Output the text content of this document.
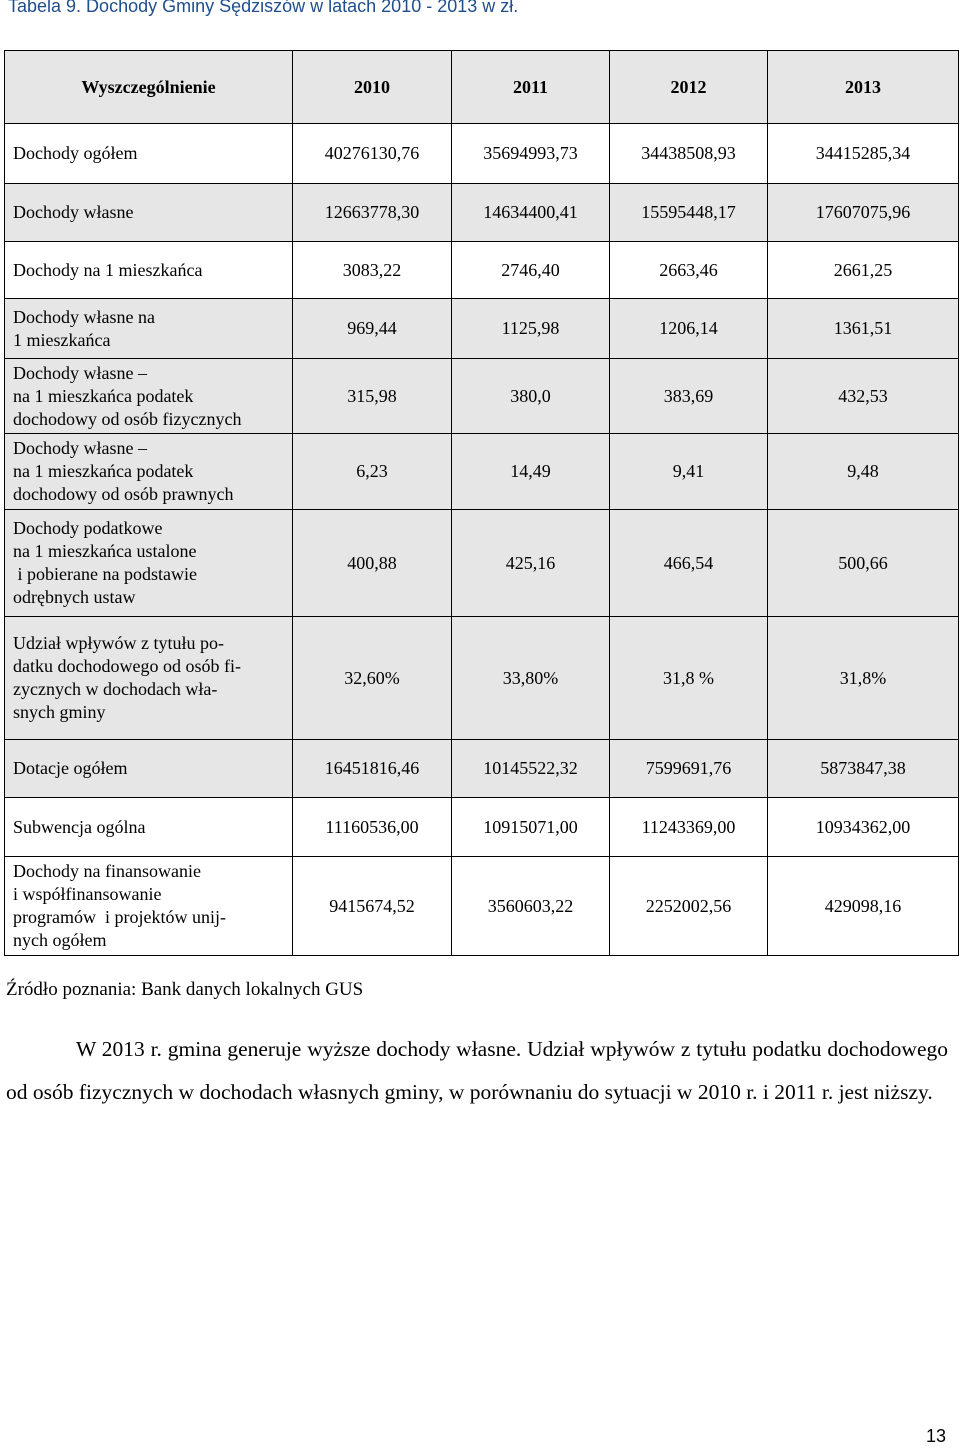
Tabela 9. Dochody Gminy Sędziszów w latach 2010 - 2013 w zł.
Wyszczególnienie	2010	2011	2012	2013
Dochody ogółem	40276130,76	35694993,73	34438508,93	34415285,34
Dochody własne	12663778,30	14634400,41	15595448,17	17607075,96
Dochody na 1 mieszkańca	3083,22	2746,40	2663,46	2661,25
Dochody własne na
1 mieszkańca	969,44	1125,98	1206,14	1361,51
Dochody własne –
na 1 mieszkańca podatek
dochodowy od osób fizycznych	315,98	380,0	383,69	432,53
Dochody własne –
na 1 mieszkańca podatek
dochodowy od osób prawnych	6,23	14,49	9,41	9,48
Dochody podatkowe
na 1 mieszkańca ustalone
i pobierane na podstawie
odrębnych ustaw	400,88	425,16	466,54	500,66
Udział wpływów z tytułu po-
datku dochodowego od osób fi-
zycznych w dochodach wła-
snych gminy	32,60%	33,80%	31,8 %	31,8%
Dotacje ogółem	16451816,46	10145522,32	7599691,76	5873847,38
Subwencja ogólna	11160536,00	10915071,00	11243369,00	10934362,00
Dochody na finansowanie
i współfinansowanie
programów  i projektów unij-
nych ogółem	9415674,52	3560603,22	2252002,56	429098,16
Źródło poznania: Bank danych lokalnych GUS
W 2013 r. gmina generuje wyższe dochody własne. Udział wpływów z tytułu podatku dochodowego od osób fizycznych w dochodach własnych gminy, w porównaniu do sytuacji w 2010 r. i 2011 r. jest niższy.
13
